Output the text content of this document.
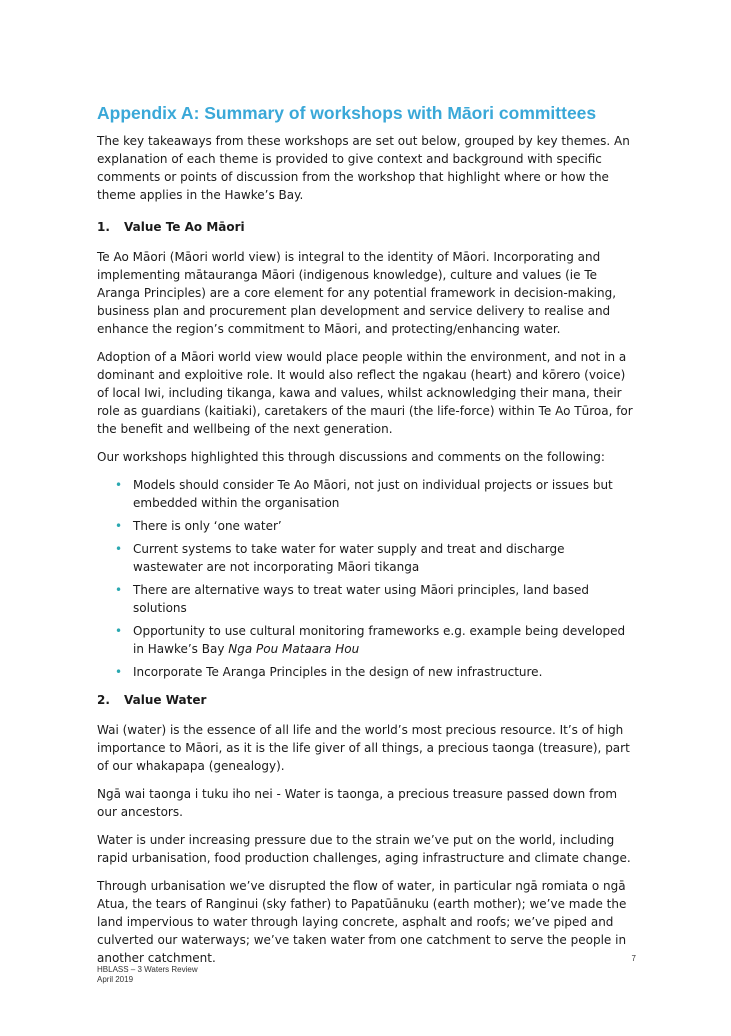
Appendix A: Summary of workshops with Māori committees

The key takeaways from these workshops are set out below, grouped by key themes. An explanation of each theme is provided to give context and background with specific comments or points of discussion from the workshop that highlight where or how the theme applies in the Hawke’s Bay.

1.	Value Te Ao Māori

Te Ao Māori (Māori world view) is integral to the identity of Māori. Incorporating and implementing mātauranga Māori (indigenous knowledge), culture and values (ie Te Aranga Principles) are a core element for any potential framework in decision-making, business plan and procurement plan development and service delivery to realise and enhance the region’s commitment to Māori, and protecting/enhancing water.

Adoption of a Māori world view would place people within the environment, and not in a dominant and exploitive role. It would also reflect the ngakau (heart) and kōrero (voice) of local Iwi, including tikanga, kawa and values, whilst acknowledging their mana, their role as guardians (kaitiaki), caretakers of the mauri (the life-force) within Te Ao Tūroa, for the benefit and wellbeing of the next generation.

Our workshops highlighted this through discussions and comments on the following:

• Models should consider Te Ao Māori, not just on individual projects or issues but embedded within the organisation
• There is only ‘one water’
• Current systems to take water for water supply and treat and discharge wastewater are not incorporating Māori tikanga
• There are alternative ways to treat water using Māori principles, land based solutions
• Opportunity to use cultural monitoring frameworks e.g. example being developed in Hawke’s Bay Nga Pou Mataara Hou
• Incorporate Te Aranga Principles in the design of new infrastructure.
2.	Value Water

Wai (water) is the essence of all life and the world’s most precious resource. It’s of high importance to Māori, as it is the life giver of all things, a precious taonga (treasure), part of our whakapapa (genealogy).

Ngā wai taonga i tuku iho nei - Water is taonga, a precious treasure passed down from our ancestors.

Water is under increasing pressure due to the strain we’ve put on the world, including rapid urbanisation, food production challenges, aging infrastructure and climate change.

Through urbanisation we’ve disrupted the flow of water, in particular ngā romiata o ngā Atua, the tears of Ranginui (sky father) to Papatūānuku (earth mother); we’ve made the land impervious to water through laying concrete, asphalt and roofs; we’ve piped and culverted our waterways; we’ve taken water from one catchment to serve the people in another catchment.	7
HBLASS – 3 Waters Review
April 2019
